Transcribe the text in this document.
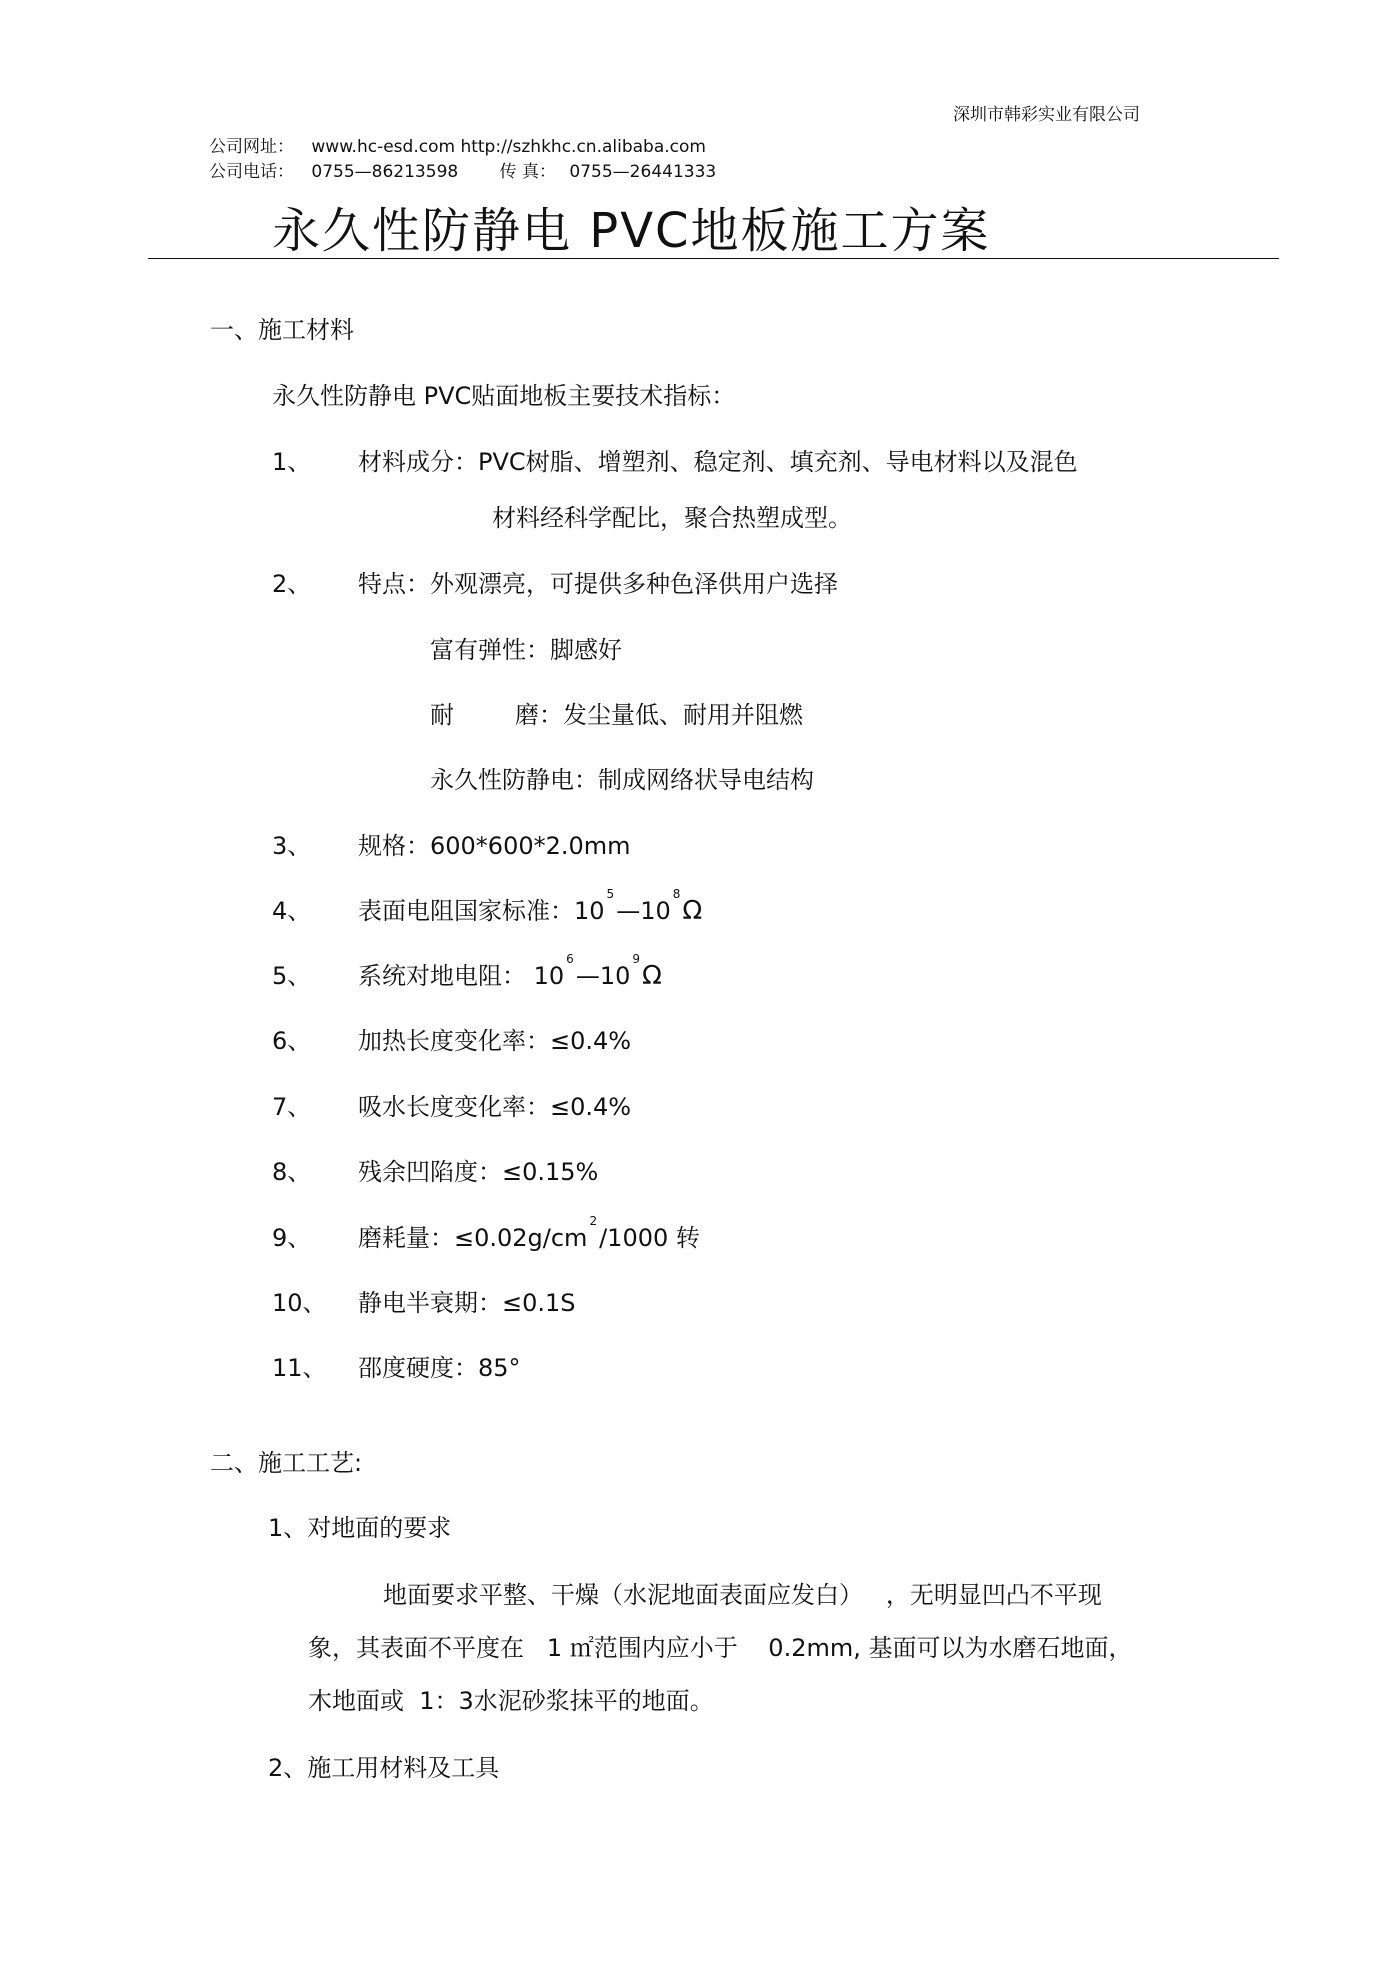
深圳市韩彩实业有限公司
公司网址： www.hc-esd.com http://szhkhc.cn.alibaba.com
公司电话： 0755—86213598 传 真： 0755—26441333
永久性防静电 PVC地板施工方案
一、施工材料
永久性防静电 PVC贴面地板主要技术指标：
1、 材料成分：PVC树脂、增塑剂、稳定剂、填充剂、导电材料以及混色
材料经科学配比，聚合热塑成型。
2、 特点：外观漂亮，可提供多种色泽供用户选择
富有弹性：脚感好
耐        磨：发尘量低、耐用并阻燃
永久性防静电：制成网络状导电结构
3、 规格：600*600*2.0mm
4、 表面电阻国家标准：$10^5—10^8\Omega$
5、 系统对地电阻： $10^6—10^9\Omega$
6、 加热长度变化率：≤0.4%
7、 吸水长度变化率：≤0.4%
8、 残余凹陷度：≤0.15%
9、 磨耗量：$\le 0.02g/cm^2/1000$ 转
10、 静电半衰期：≤0.1S
11、 邵度硬度：85°
二、施工工艺:
1、对地面的要求
地面要求平整、干燥（水泥地面表面应发白）   ，无明显凹凸不平现
象，其表面不平度在   1 ㎡范围内应小于    0.2mm, 基面可以为水磨石地面，
木地面或  1：3水泥砂浆抹平的地面。
2、施工用材料及工具
